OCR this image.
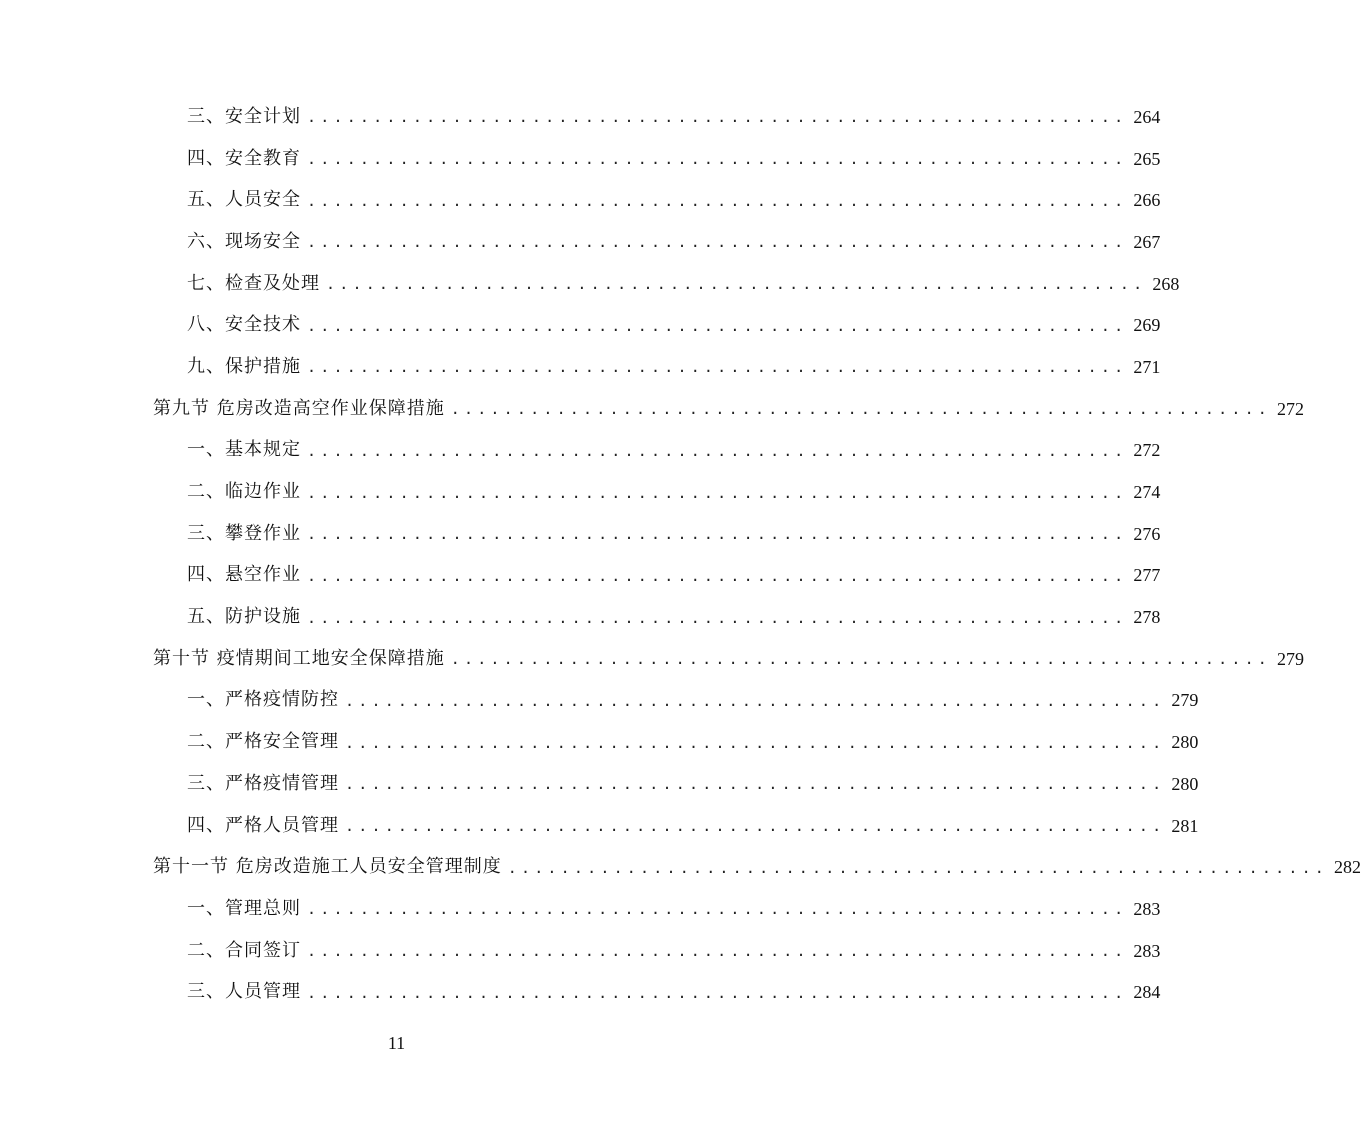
三、安全计划 .............................................................. 264
四、安全教育 .............................................................. 265
五、人员安全 .............................................................. 266
六、现场安全 .............................................................. 267
七、检查及处理 .............................................................. 268
八、安全技术 .............................................................. 269
九、保护措施 .............................................................. 271
第九节 危房改造高空作业保障措施 .............................................................. 272
一、基本规定 .............................................................. 272
二、临边作业 .............................................................. 274
三、攀登作业 .............................................................. 276
四、悬空作业 .............................................................. 277
五、防护设施 .............................................................. 278
第十节 疫情期间工地安全保障措施 .............................................................. 279
一、严格疫情防控 .............................................................. 279
二、严格安全管理 .............................................................. 280
三、严格疫情管理 .............................................................. 280
四、严格人员管理 .............................................................. 281
第十一节 危房改造施工人员安全管理制度 .............................................................. 282
一、管理总则 .............................................................. 283
二、合同签订 .............................................................. 283
三、人员管理 .............................................................. 284
11
